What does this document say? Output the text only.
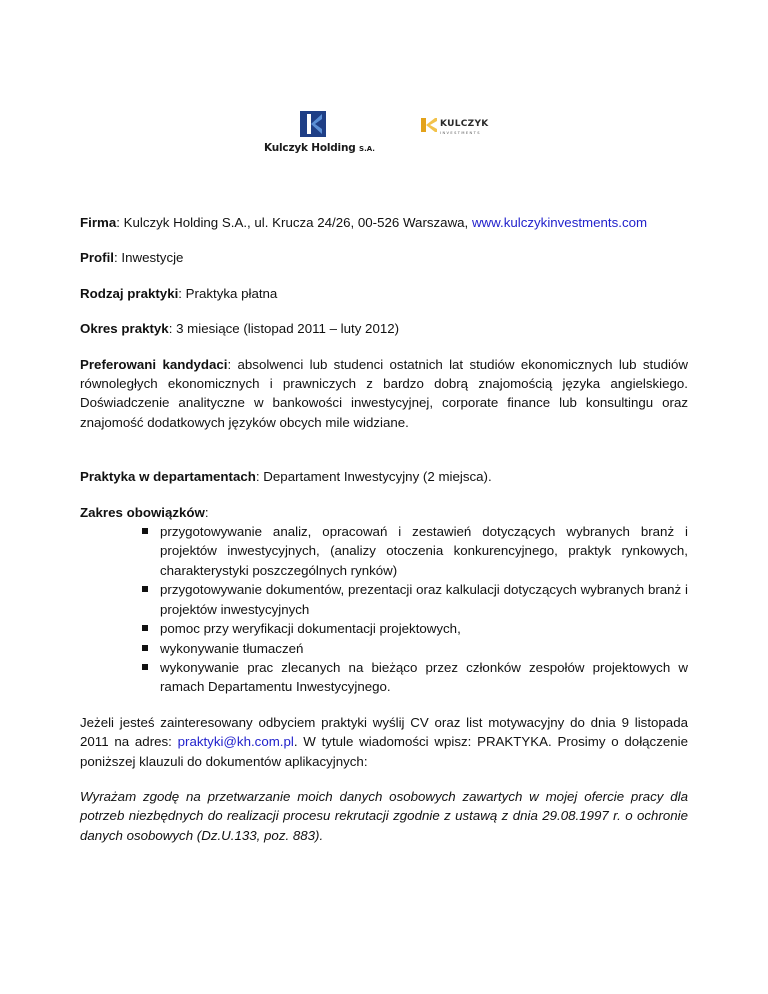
Kulczyk Holding S.A.
KULCZYK
INVESTMENTS

Firma: Kulczyk Holding S.A., ul. Krucza 24/26, 00-526 Warszawa, www.kulczykinvestments.com

Profil: Inwestycje

Rodzaj praktyki: Praktyka płatna

Okres praktyk: 3 miesiące (listopad 2011 – luty 2012)

Preferowani kandydaci: absolwenci lub studenci ostatnich lat studiów ekonomicznych lub studiów równoległych ekonomicznych i prawniczych z bardzo dobrą znajomością języka angielskiego. Doświadczenie analityczne w bankowości inwestycyjnej, corporate finance lub konsultingu oraz znajomość dodatkowych języków obcych mile widziane.

Praktyka w departamentach: Departament Inwestycyjny (2 miejsca).

Zakres obowiązków:

przygotowywanie analiz, opracowań i zestawień dotyczących wybranych branż i projektów inwestycyjnych, (analizy otoczenia konkurencyjnego, praktyk rynkowych, charakterystyki poszczególnych rynków)
przygotowywanie dokumentów, prezentacji oraz kalkulacji dotyczących wybranych branż i projektów inwestycyjnych
pomoc przy weryfikacji dokumentacji projektowych,
wykonywanie tłumaczeń
wykonywanie prac zlecanych na bieżąco przez członków zespołów projektowych w ramach Departamentu Inwestycyjnego.

Jeżeli jesteś zainteresowany odbyciem praktyki wyślij CV oraz list motywacyjny do dnia 9 listopada 2011 na adres: praktyki@kh.com.pl. W tytule wiadomości wpisz: PRAKTYKA. Prosimy o dołączenie poniższej klauzuli do dokumentów aplikacyjnych:

Wyrażam zgodę na przetwarzanie moich danych osobowych zawartych w mojej ofercie pracy dla potrzeb niezbędnych do realizacji procesu rekrutacji zgodnie z ustawą z dnia 29.08.1997 r. o ochronie danych osobowych (Dz.U.133, poz. 883).
